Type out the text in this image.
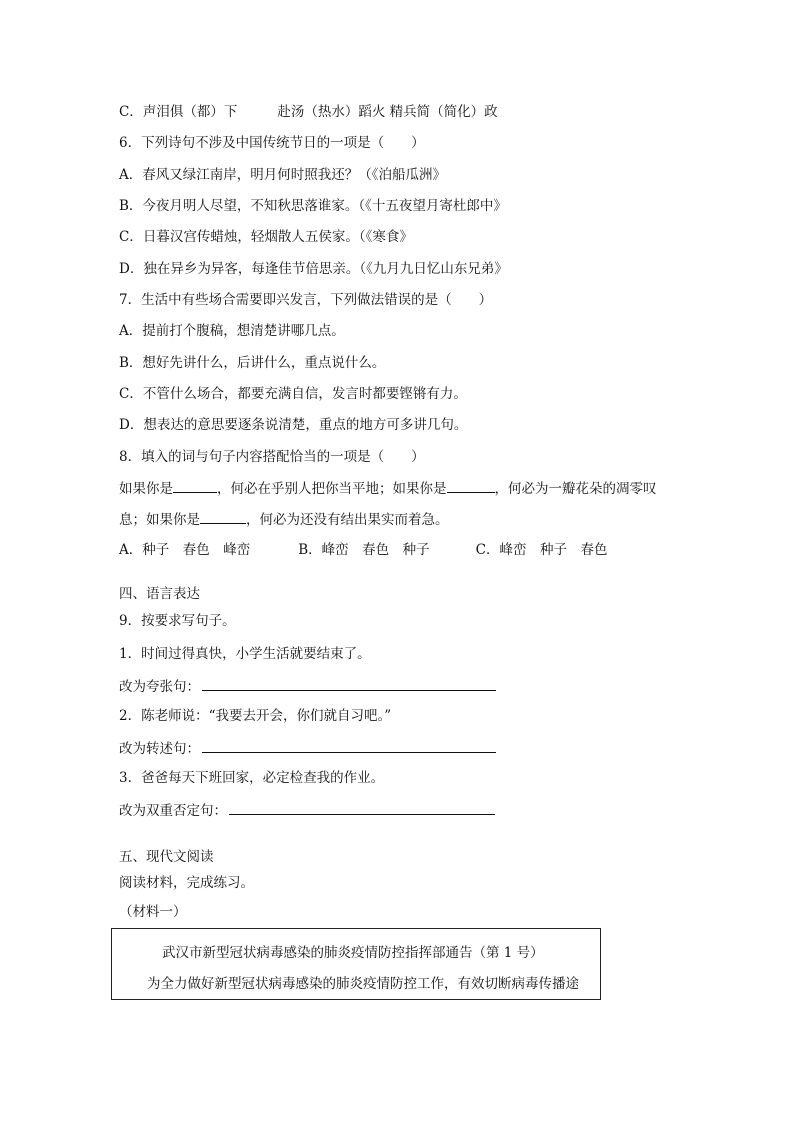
C．声泪俱（都）下	赴汤（热水）蹈火 精兵简（简化）政
6．下列诗句不涉及中国传统节日的一项是（　　）
A．春风又绿江南岸，明月何时照我还？（《泊船瓜洲》
B．今夜月明人尽望，不知秋思落谁家。（《十五夜望月寄杜郎中》
C．日暮汉宫传蜡烛，轻烟散人五侯家。（《寒食》
D．独在异乡为异客，每逢佳节倍思亲。（《九月九日忆山东兄弟》
7．生活中有些场合需要即兴发言，下列做法错误的是（　　）
A．提前打个腹稿，想清楚讲哪几点。
B．想好先讲什么，后讲什么，重点说什么。
C．不管什么场合，都要充满自信，发言时都要铿锵有力。
D．想表达的意思要逐条说清楚，重点的地方可多讲几句。
8．填入的词与句子内容搭配恰当的一项是（　　）
如果你是	，何必在乎别人把你当平地；如果你是	，何必为一瓣花朵的凋零叹
息；如果你是	，何必为还没有结出果实而着急。
A．种子　春色　峰峦	B．峰峦　春色　种子	C．峰峦　种子　春色
四、语言表达
9．按要求写句子。
1．时间过得真快，小学生活就要结束了。
改为夸张句：
2．陈老师说：“我要去开会，你们就自习吧。”
改为转述句：
3．爸爸每天下班回家，必定检查我的作业。
改为双重否定句：
五、现代文阅读
阅读材料，完成练习。
（材料一）
武汉市新型冠状病毒感染的肺炎疫情防控指挥部通告（第 1 号）
为全力做好新型冠状病毒感染的肺炎疫情防控工作，有效切断病毒传播途
